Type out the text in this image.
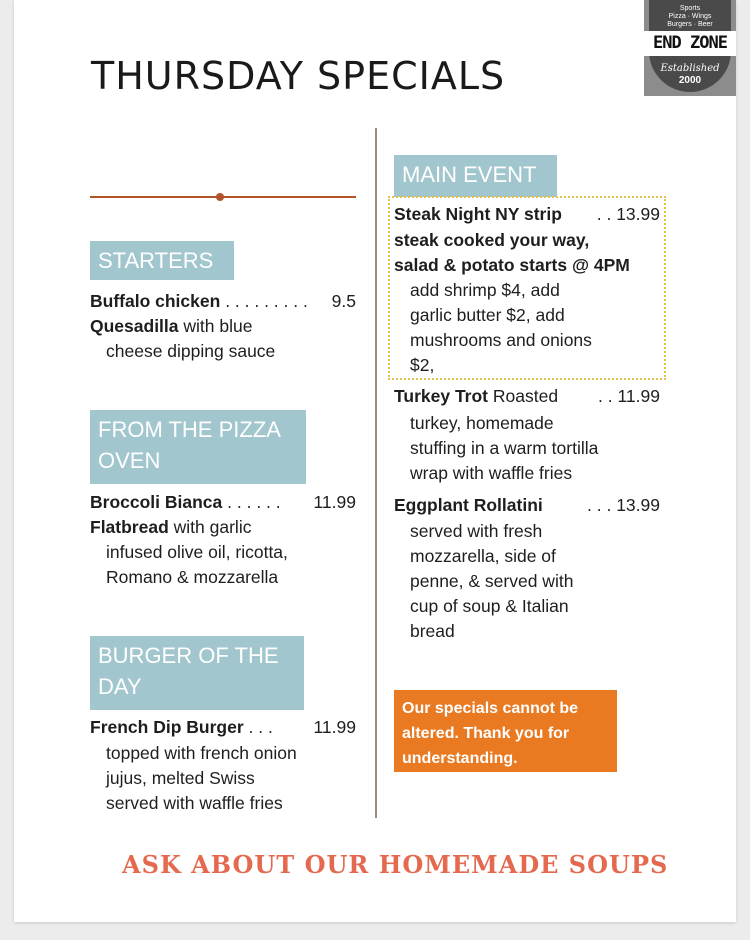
THURSDAY SPECIALS
Sports
Pizza · Wings
Burgers · Beer
END ZONE
Established
2000
STARTERS
Buffalo chicken . . . . . . . . . 9.5
Quesadilla with blue
cheese dipping sauce
FROM THE PIZZA
OVEN
Broccoli Bianca . . . . . . 11.99
Flatbread with garlic
infused olive oil, ricotta,
Romano & mozzarella
BURGER OF THE
DAY
French Dip Burger . . . 11.99
topped with french onion
jujus, melted Swiss
served with waffle fries
MAIN EVENT
Steak Night NY strip . . 13.99
steak cooked your way,
salad & potato starts @ 4PM
add shrimp $4, add
garlic butter $2, add
mushrooms and onions
$2,
Turkey Trot Roasted . . 11.99
turkey, homemade
stuffing in a warm tortilla
wrap with waffle fries
Eggplant Rollatini	. . . 13.99
served with fresh
mozzarella, side of
penne, & served with
cup of soup & Italian
bread
Our specials cannot be
altered. Thank you for
understanding.
ASK ABOUT OUR HOMEMADE SOUPS
